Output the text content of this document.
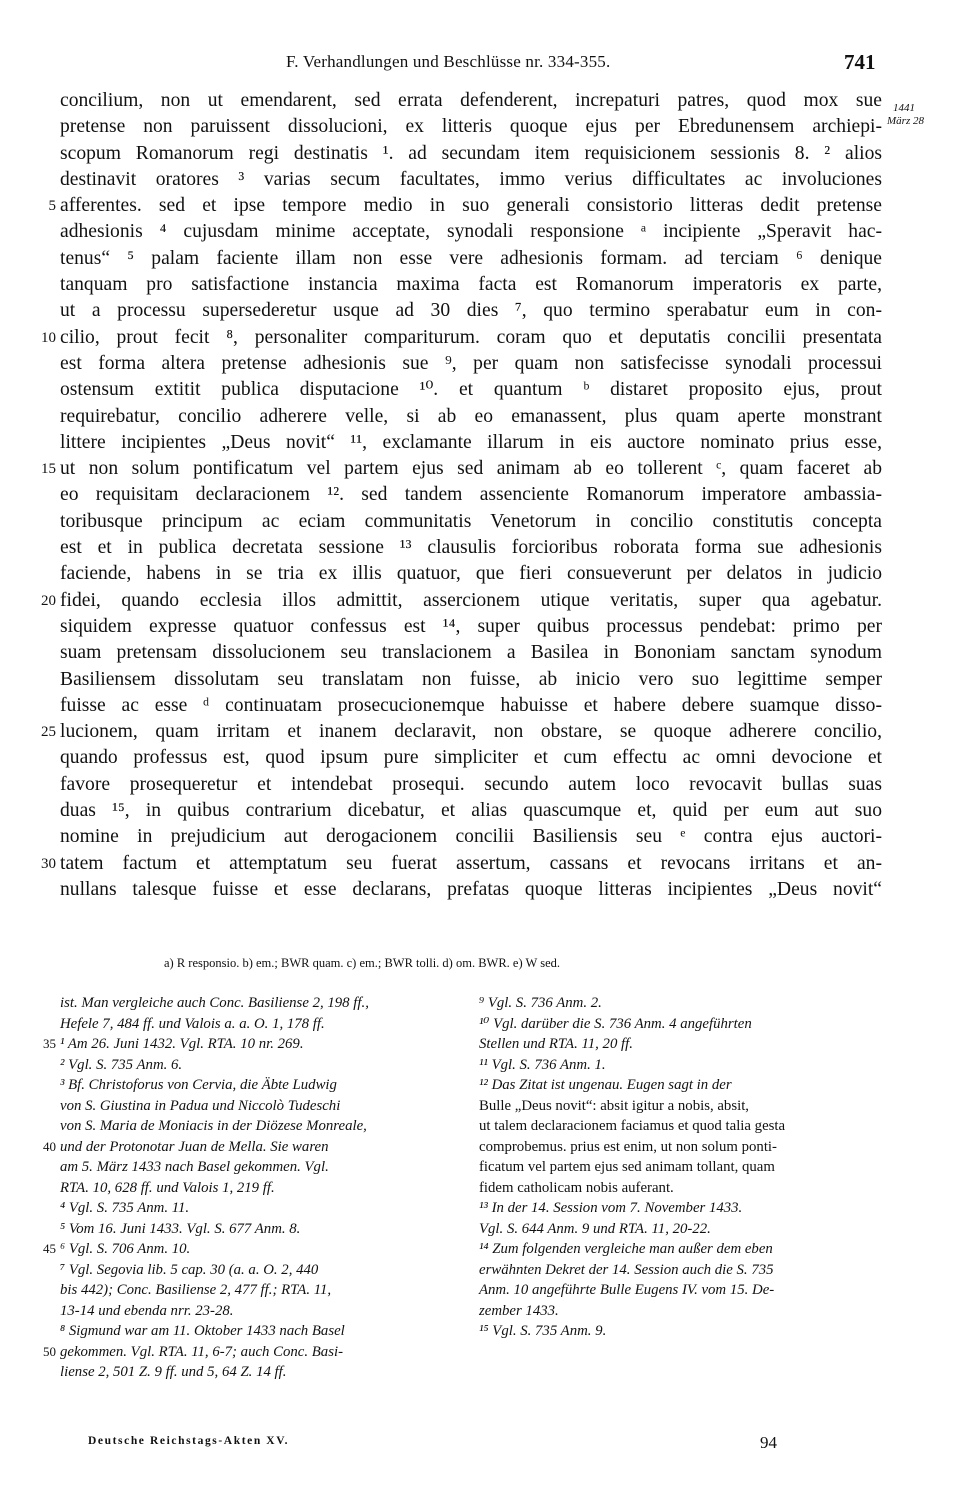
F. Verhandlungen und Beschlüsse nr. 334-355.	741
1441
März 28
concilium, non ut emendarent, sed errata defenderent, increpaturi patres, quod mox sue
pretense non paruissent dissolucioni, ex litteris quoque ejus per Ebredunensem archiepi-
scopum Romanorum regi destinatis ¹. ad secundam item requisicionem sessionis 8. ² alios
destinavit oratores ³ varias secum facultates, immo verius difficultates ac involuciones
5 afferentes. sed et ipse tempore medio in suo generali consistorio litteras dedit pretense
adhesionis ⁴ cujusdam minime acceptate, synodali responsione ᵃ incipiente „Speravit hac-
tenus“ ⁵ palam faciente illam non esse vere adhesionis formam. ad terciam ⁶ denique
tanquam pro satisfactione instancia maxima facta est Romanorum imperatoris ex parte,
ut a processu supersederetur usque ad 30 dies ⁷, quo termino sperabatur eum in con-
10 cilio, prout fecit ⁸, personaliter compariturum. coram quo et deputatis concilii presentata
est forma altera pretense adhesionis sue ⁹, per quam non satisfecisse synodali processui
ostensum extitit publica disputacione ¹⁰. et quantum ᵇ distaret proposito ejus, prout
requirebatur, concilio adherere velle, si ab eo emanassent, plus quam aperte monstrant
littere incipientes „Deus novit“ ¹¹, exclamante illarum in eis auctore nominato prius esse,
15 ut non solum pontificatum vel partem ejus sed animam ab eo tollerent ᶜ, quam faceret ab
eo requisitam declaracionem ¹². sed tandem assenciente Romanorum imperatore ambassia-
toribusque principum ac eciam communitatis Venetorum in concilio constitutis concepta
est et in publica decretata sessione ¹³ clausulis forcioribus roborata forma sue adhesionis
faciende, habens in se tria ex illis quatuor, que fieri consueverunt per delatos in judicio
20 fidei, quando ecclesia illos admittit, assercionem utique veritatis, super qua agebatur.
siquidem expresse quatuor confessus est ¹⁴, super quibus processus pendebat: primo per
suam pretensam dissolucionem seu translacionem a Basilea in Bononiam sanctam synodum
Basiliensem dissolutam seu translatam non fuisse, ab inicio vero suo legittime semper
fuisse ac esse ᵈ continuatam prosecucionemque habuisse et habere debere suamque disso-
25 lucionem, quam irritam et inanem declaravit, non obstare, se quoque adherere concilio,
quando professus est, quod ipsum pure simpliciter et cum effectu ac omni devocione et
favore prosequeretur et intendebat prosequi. secundo autem loco revocavit bullas suas
duas ¹⁵, in quibus contrarium dicebatur, et alias quascumque et, quid per eum aut suo
nomine in prejudicium aut derogacionem concilii Basiliensis seu ᵉ contra ejus auctori-
30 tatem factum et attemptatum seu fuerat assertum, cassans et revocans irritans et an-
nullans talesque fuisse et esse declarans, prefatas quoque litteras incipientes „Deus novit“
a) R responsio. b) em.; BWR quam. c) em.; BWR tolli. d) om. BWR. e) W sed.
ist. Man vergleiche auch Conc. Basiliense 2, 198 ff.,
Hefele 7, 484 ff. und Valois a. a. O. 1, 178 ff.
35 ¹ Am 26. Juni 1432. Vgl. RTA. 10 nr. 269.
² Vgl. S. 735 Anm. 6.
³ Bf. Christoforus von Cervia, die Äbte Ludwig
von S. Giustina in Padua und Niccolò Tudeschi
von S. Maria de Moniacis in der Diözese Monreale,
40 und der Protonotar Juan de Mella. Sie waren
am 5. März 1433 nach Basel gekommen. Vgl.
RTA. 10, 628 ff. und Valois 1, 219 ff.
⁴ Vgl. S. 735 Anm. 11.
⁵ Vom 16. Juni 1433. Vgl. S. 677 Anm. 8.
45 ⁶ Vgl. S. 706 Anm. 10.
⁷ Vgl. Segovia lib. 5 cap. 30 (a. a. O. 2, 440
bis 442); Conc. Basiliense 2, 477 ff.; RTA. 11,
13-14 und ebenda nrr. 23-28.
⁸ Sigmund war am 11. Oktober 1433 nach Basel
50 gekommen. Vgl. RTA. 11, 6-7; auch Conc. Basi-
liense 2, 501 Z. 9 ff. und 5, 64 Z. 14 ff.
⁹ Vgl. S. 736 Anm. 2.
¹⁰ Vgl. darüber die S. 736 Anm. 4 angeführten
Stellen und RTA. 11, 20 ff.
¹¹ Vgl. S. 736 Anm. 1.
¹² Das Zitat ist ungenau. Eugen sagt in der
Bulle „Deus novit“: absit igitur a nobis, absit,
ut talem declaracionem faciamus et quod talia gesta
comprobemus. prius est enim, ut non solum ponti-
ficatum vel partem ejus sed animam tollant, quam
fidem catholicam nobis auferant.
¹³ In der 14. Session vom 7. November 1433.
Vgl. S. 644 Anm. 9 und RTA. 11, 20-22.
¹⁴ Zum folgenden vergleiche man außer dem eben
erwähnten Dekret der 14. Session auch die S. 735
Anm. 10 angeführte Bulle Eugens IV. vom 15. De-
zember 1433.
¹⁵ Vgl. S. 735 Anm. 9.
Deutsche Reichstags-Akten XV.	94
